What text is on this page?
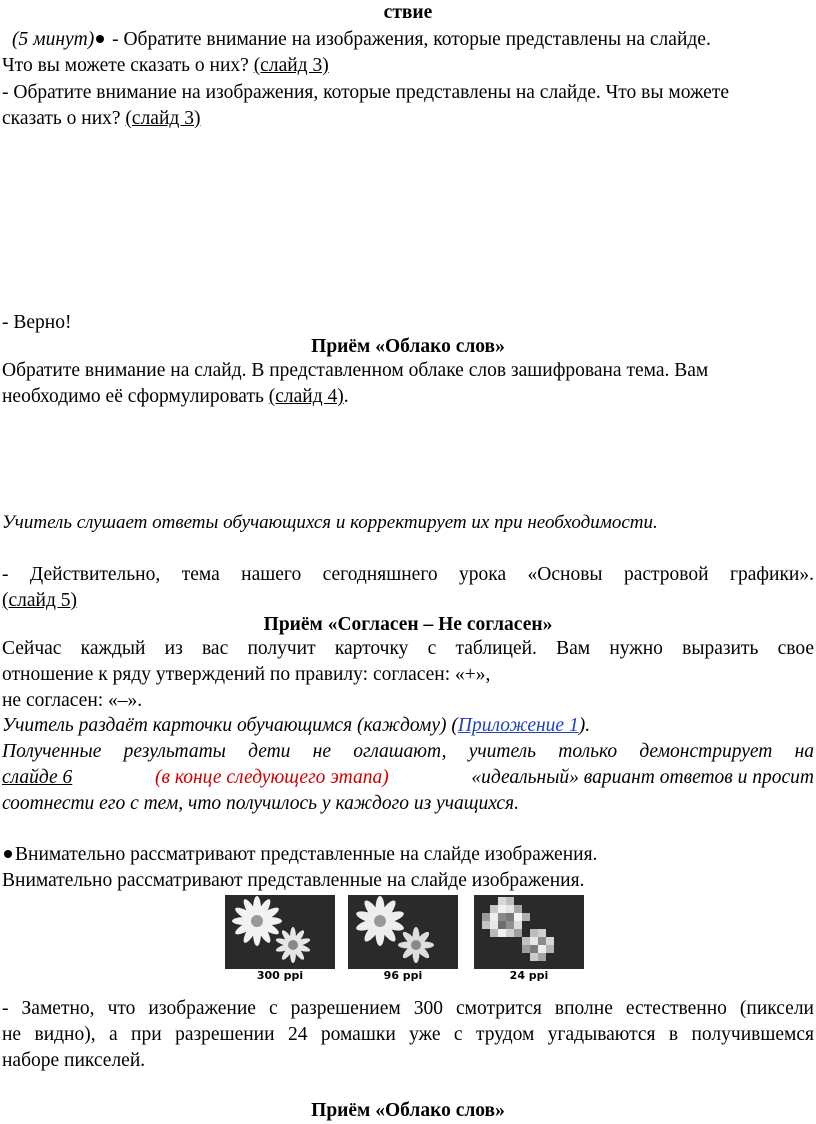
ствие
(5 минут) - Обратите внимание на изображения, которые представлены на слайде.
Что вы можете сказать о них? (слайд 3)
- Обратите внимание на изображения, которые представлены на слайде. Что вы можете
сказать о них? (слайд 3)
- Верно!
Приём «Облако слов»
Обратите внимание на слайд. В представленном облаке слов зашифрована тема. Вам
необходимо её сформулировать (слайд 4).
Учитель слушает ответы обучающихся и корректирует их при необходимости.
- Действительно, тема нашего сегодняшнего урока «Основы растровой графики».
(слайд 5)
Приём «Согласен – Не согласен»
Сейчас каждый из вас получит карточку с таблицей. Вам нужно выразить свое
отношение к ряду утверждений по правилу: согласен: «+»,
не согласен: «–».
Учитель раздаёт карточки обучающимся (каждому) (Приложение 1).
Полученные результаты дети не оглашают, учитель только демонстрирует на
слайде 6	(в конце следующего этапа)	«идеальный» вариант ответов и просит
соотнести его с тем, что получилось у каждого из учащихся.
Внимательно рассматривают представленные на слайде изображения.
Внимательно рассматривают представленные на слайде изображения.
300 ppi	96 ppi	24 ppi
- Заметно, что изображение с разрешением 300 смотрится вполне естественно (пиксели
не видно), а при разрешении 24 ромашки уже с трудом угадываются в получившемся
наборе пикселей.
Приём «Облако слов»
